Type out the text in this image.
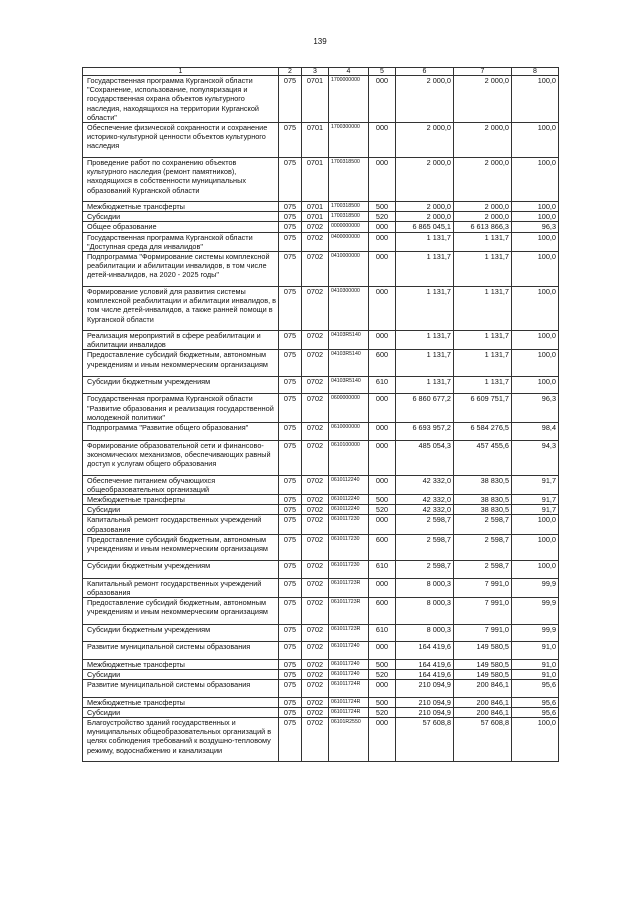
139
1	2	3	4	5	6	7	8
Государственная программа Курганской области "Сохранение, использование, популяризация и государственная охрана объектов культурного наследия, находящихся на территории Курганской области"	075	0701	1700000000	000	2 000,0	2 000,0	100,0
Обеспечение физической сохранности и сохранение историко-культурной ценности объектов культурного наследия	075	0701	1700300000	000	2 000,0	2 000,0	100,0
Проведение работ по сохранению объектов культурного наследия (ремонт памятников), находящихся в собственности муниципальных образований Курганской области	075	0701	1700318500	000	2 000,0	2 000,0	100,0
Межбюджетные трансферты	075	0701	1700318500	500	2 000,0	2 000,0	100,0
Субсидии	075	0701	1700318500	520	2 000,0	2 000,0	100,0
Общее образование	075	0702	0000000000	000	6 865 045,1	6 613 866,3	96,3
Государственная программа Курганской области "Доступная среда для инвалидов"	075	0702	0400000000	000	1 131,7	1 131,7	100,0
Подпрограмма "Формирование системы комплексной реабилитации и абилитации инвалидов, в том числе детей-инвалидов, на 2020 - 2025 годы"	075	0702	0410000000	000	1 131,7	1 131,7	100,0
Формирование условий для развития системы комплексной реабилитации и абилитации инвалидов, в том числе детей-инвалидов, а также ранней помощи в Курганской области	075	0702	0410300000	000	1 131,7	1 131,7	100,0
Реализация мероприятий в сфере реабилитации и абилитации инвалидов	075	0702	04103R5140	000	1 131,7	1 131,7	100,0
Предоставление субсидий бюджетным, автономным учреждениям и иным некоммерческим организациям	075	0702	04103R5140	600	1 131,7	1 131,7	100,0
Субсидии бюджетным учреждениям	075	0702	04103R5140	610	1 131,7	1 131,7	100,0
Государственная программа Курганской области "Развитие образования и реализация государственной молодежной политики"	075	0702	0600000000	000	6 860 677,2	6 609 751,7	96,3
Подпрограмма "Развитие общего образования"	075	0702	0610000000	000	6 693 957,2	6 584 276,5	98,4
Формирование образовательной сети и финансово-экономических механизмов, обеспечивающих равный доступ к услугам общего образования	075	0702	0610100000	000	485 054,3	457 455,6	94,3
Обеспечение питанием обучающихся общеобразовательных организаций	075	0702	0610112240	000	42 332,0	38 830,5	91,7
Межбюджетные трансферты	075	0702	0610112240	500	42 332,0	38 830,5	91,7
Субсидии	075	0702	0610112240	520	42 332,0	38 830,5	91,7
Капитальный ремонт государственных учреждений образования	075	0702	0610117230	000	2 598,7	2 598,7	100,0
Предоставление субсидий бюджетным, автономным учреждениям и иным некоммерческим организациям	075	0702	0610117230	600	2 598,7	2 598,7	100,0
Субсидии бюджетным учреждениям	075	0702	0610117230	610	2 598,7	2 598,7	100,0
Капитальный ремонт государственных учреждений образования	075	0702	061011723R	000	8 000,3	7 991,0	99,9
Предоставление субсидий бюджетным, автономным учреждениям и иным некоммерческим организациям	075	0702	061011723R	600	8 000,3	7 991,0	99,9
Субсидии бюджетным учреждениям	075	0702	061011723R	610	8 000,3	7 991,0	99,9
Развитие муниципальной системы образования	075	0702	0610117240	000	164 419,6	149 580,5	91,0
Межбюджетные трансферты	075	0702	0610117240	500	164 419,6	149 580,5	91,0
Субсидии	075	0702	0610117240	520	164 419,6	149 580,5	91,0
Развитие муниципальной системы образования	075	0702	061011724R	000	210 094,9	200 846,1	95,6
Межбюджетные трансферты	075	0702	061011724R	500	210 094,9	200 846,1	95,6
Субсидии	075	0702	061011724R	520	210 094,9	200 846,1	95,6
Благоустройство зданий государственных и муниципальных общеобразовательных организаций в целях соблюдения требований к воздушно-тепловому режиму, водоснабжению и канализации	075	0702	06101R2550	000	57 608,8	57 608,8	100,0
